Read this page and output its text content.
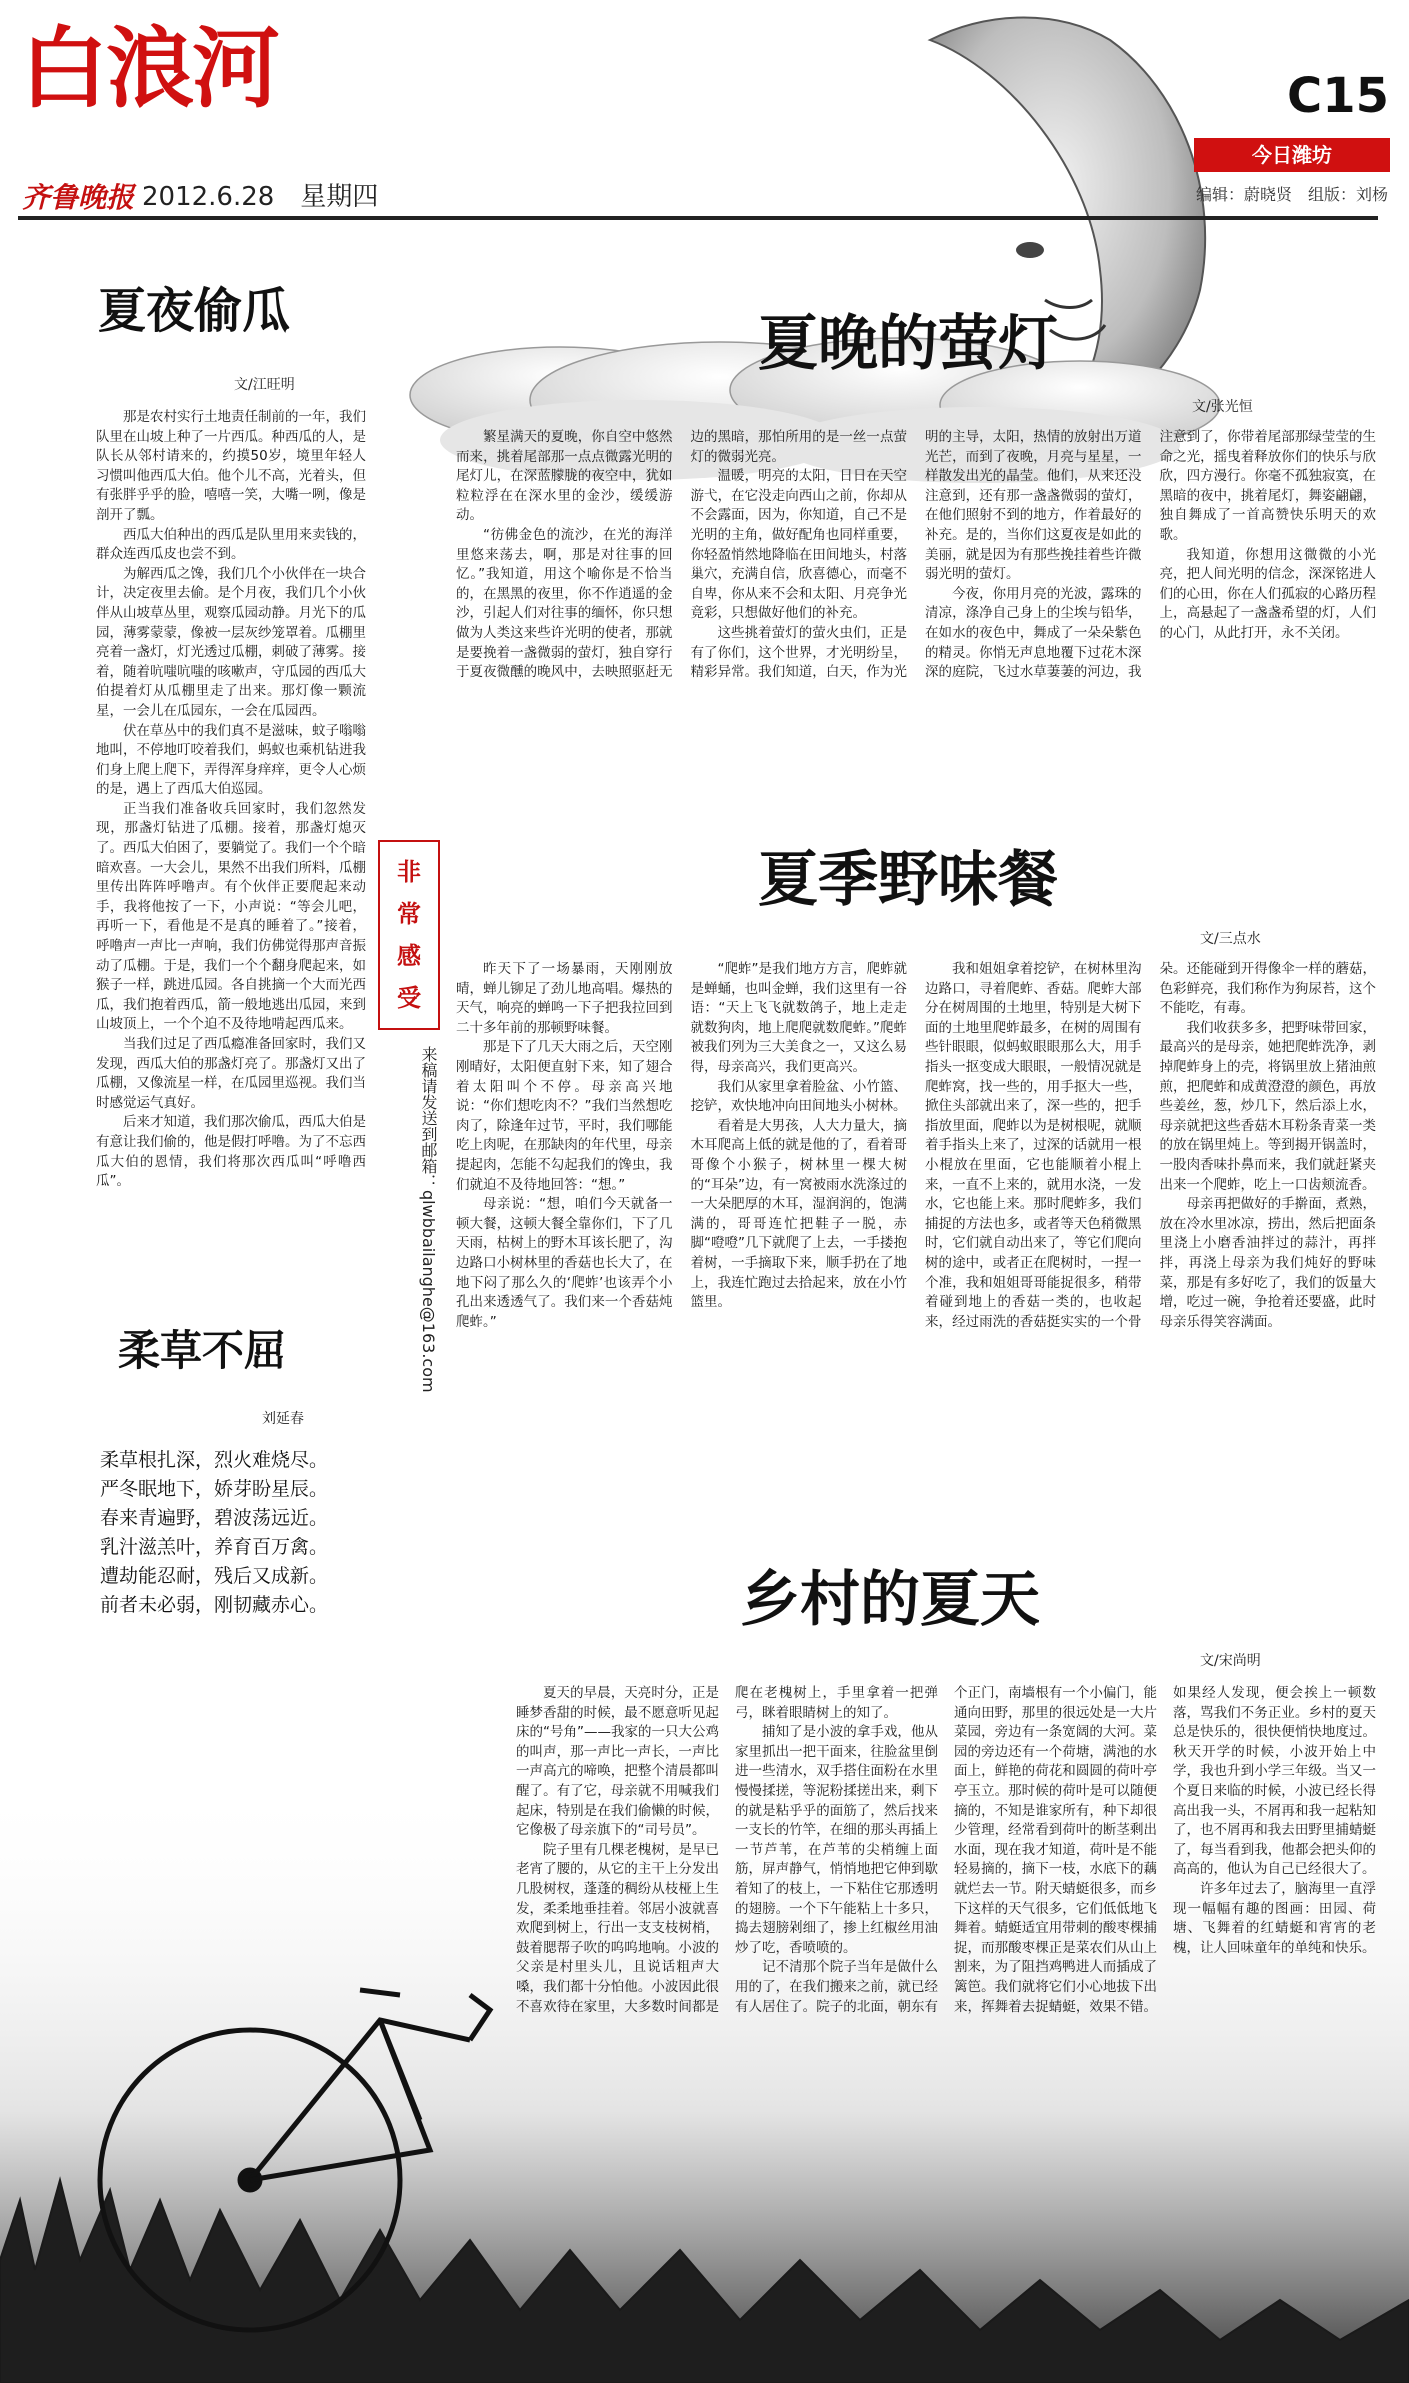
白浪河
齐鲁晚报 2012.6.28　 星期四
C15
今日潍坊
编辑：蔚晓贤　组版：刘杨
夏夜偷瓜
文/江旺明

那是农村实行土地责任制前的一年，我们队里在山坡上种了一片西瓜。种西瓜的人，是队长从邻村请来的，约摸50岁，境里年轻人习惯叫他西瓜大伯。他个儿不高，光着头，但有张胖乎乎的脸，嘻嘻一笑，大嘴一咧，像是剖开了瓢。

西瓜大伯种出的西瓜是队里用来卖钱的，群众连西瓜皮也尝不到。

为解西瓜之馋，我们几个小伙伴在一块合计，决定夜里去偷。是个月夜，我们几个小伙伴从山坡草丛里，观察瓜园动静。月光下的瓜园，薄雾蒙蒙，像被一层灰纱笼罩着。瓜棚里亮着一盏灯，灯光透过瓜棚，刺破了薄雾。接着，随着吭嗤吭嗤的咳嗽声，守瓜园的西瓜大伯提着灯从瓜棚里走了出来。那灯像一颗流星，一会儿在瓜园东，一会在瓜园西。

伏在草丛中的我们真不是滋味，蚊子嗡嗡地叫，不停地叮咬着我们，蚂蚁也乘机钻进我们身上爬上爬下，弄得浑身痒痒，更令人心烦的是，遇上了西瓜大伯巡园。

正当我们准备收兵回家时，我们忽然发现，那盏灯钻进了瓜棚。接着，那盏灯熄灭了。西瓜大伯困了，要躺觉了。我们一个个暗暗欢喜。一大会儿，果然不出我们所料，瓜棚里传出阵阵呼噜声。有个伙伴正要爬起来动手，我将他按了一下，小声说：“等会儿吧，再听一下，看他是不是真的睡着了。”接着，呼噜声一声比一声响，我们仿佛觉得那声音振动了瓜棚。于是，我们一个个翻身爬起来，如猴子一样，跳进瓜园。各自挑摘一个大而光西瓜，我们抱着西瓜，箭一般地逃出瓜园，来到山坡顶上，一个个迫不及待地啃起西瓜来。

当我们过足了西瓜瘾准备回家时，我们又发现，西瓜大伯的那盏灯亮了。那盏灯又出了瓜棚，又像流星一样，在瓜园里巡视。我们当时感觉运气真好。

后来才知道，我们那次偷瓜，西瓜大伯是有意让我们偷的，他是假打呼噜。为了不忘西瓜大伯的恩情，我们将那次西瓜叫“呼噜西瓜”。

柔草不屈
刘延春
柔草根扎深，烈火难烧尽。
严冬眠地下，娇芽盼星辰。
春来青遍野，碧波荡远近。
乳汁滋羔叶，养育百万禽。
遭劫能忍耐，残后又成新。
前者未必弱，刚韧藏赤心。
非
常
感
受
来稿请发送到邮箱：qlwbbailanghe@163.com
夏晚的萤灯
文/张光恒

繁星满天的夏晚，你自空中悠然而来，挑着尾部那一点点微露光明的尾灯儿，在深蓝朦胧的夜空中，犹如粒粒浮在在深水里的金沙，缓缓游动。

“彷佛金色的流沙，在光的海洋里悠来荡去，啊，那是对往事的回忆。”我知道，用这个喻你是不恰当的，在黑黑的夜里，你不作逍遥的金沙，引起人们对往事的缅怀，你只想做为人类这来些许光明的使者，那就是要挽着一盏微弱的萤灯，独自穿行于夏夜微醺的晚风中，去映照驱赶无边的黑暗，那怕所用的是一丝一点萤灯的微弱光亮。

温暖，明亮的太阳，日日在天空游弋，在它没走向西山之前，你却从不会露面，因为，你知道，自己不是光明的主角，做好配角也同样重要，你轻盈悄然地降临在田间地头，村落巢穴，充满自信，欣喜德心，而毫不自卑，你从来不会和太阳、月亮争光竟彩，只想做好他们的补充。

这些挑着萤灯的萤火虫们，正是有了你们，这个世界，才光明纷呈，精彩异常。我们知道，白天，作为光明的主导，太阳，热情的放射出万道光芒，而到了夜晚，月亮与星星，一样散发出光的晶莹。他们，从来还没注意到，还有那一盏盏微弱的萤灯，在他们照射不到的地方，作着最好的补充。是的，当你们这夏夜是如此的美丽，就是因为有那些挽挂着些许微弱光明的萤灯。

今夜，你用月亮的光波，露珠的清凉，涤净自己身上的尘埃与铅华，在如水的夜色中，舞成了一朵朵紫色的精灵。你悄无声息地覆下过花木深深的庭院，飞过水草萋萋的河边，我注意到了，你带着尾部那绿莹莹的生命之光，摇曳着释放你们的快乐与欣欣，四方漫行。你毫不孤独寂寞，在黑暗的夜中，挑着尾灯，舞姿翩翩，独自舞成了一首高赞快乐明天的欢歌。

我知道，你想用这微微的小光亮，把人间光明的信念，深深铭进人们的心田，你在人们孤寂的心路历程上，高悬起了一盏盏希望的灯，人们的心门，从此打开，永不关闭。

夏季野味餐
文/三点水

昨天下了一场暴雨，天刚刚放晴，蝉儿铆足了劲儿地高唱。爆热的天气，响亮的蝉鸣一下子把我拉回到二十多年前的那顿野味餐。

那是下了几天大雨之后，天空刚刚晴好，太阳便直射下来，知了翅合着太阳叫个不停。母亲高兴地说：“你们想吃肉不？”我们当然想吃肉了，除逢年过节，平时，我们哪能吃上肉呢，在那缺肉的年代里，母亲提起肉，怎能不勾起我们的馋虫，我们就迫不及待地回答：“想。”

母亲说：“想，咱们今天就备一顿大餐，这顿大餐全靠你们，下了几天雨，枯树上的野木耳该长肥了，沟边路口小树林里的香菇也长大了，在地下闷了那么久的‘爬蚱’也该弄个小孔出来透透气了。我们来一个香菇炖爬蚱。”

“爬蚱”是我们地方方言，爬蚱就是蝉蛹，也叫金蝉，我们这里有一谷语：“天上飞飞就数鸽子，地上走走就数狗肉，地上爬爬就数爬蚱。”爬蚱被我们列为三大美食之一，又这么易得，母亲高兴，我们更高兴。

我们从家里拿着脸盆、小竹篮、挖铲，欢快地冲向田间地头小树林。

看着是大男孩，人大力量大，摘木耳爬高上低的就是他的了，看着哥哥像个小猴子，树林里一棵大树的“耳朵”边，有一窝被雨水洗涤过的一大朵肥厚的木耳，湿润润的，饱满满的，哥哥连忙把鞋子一脱，赤脚“噔噔”几下就爬了上去，一手搂抱着树，一手摘取下来，顺手扔在了地上，我连忙跑过去拾起来，放在小竹篮里。

我和姐姐拿着挖铲，在树林里沟边路口，寻着爬蚱、香菇。爬蚱大部分在树周围的土地里，特别是大树下面的土地里爬蚱最多，在树的周围有些针眼眼，似蚂蚁眼眼那么大，用手指头一抠变成大眼眼，一般情况就是爬蚱窝，找一些的，用手抠大一些，掀住头部就出来了，深一些的，把手指放里面，爬蚱以为是树根呢，就顺着手指头上来了，过深的话就用一根小棍放在里面，它也能顺着小棍上来，一直不上来的，就用水浇，一发水，它也能上来。那时爬蚱多，我们捕捉的方法也多，或者等天色稍微黑时，它们就自动出来了，等它们爬向树的途中，或者正在爬树时，一捏一个准，我和姐姐哥哥能捉很多，稍带着碰到地上的香菇一类的，也收起来，经过雨洗的香菇挺实实的一个骨朵。还能碰到开得像伞一样的蘑菇，色彩鲜亮，我们称作为狗尿苔，这个不能吃，有毒。

我们收获多多，把野味带回家，最高兴的是母亲，她把爬蚱洗净，剥掉爬蚱身上的壳，将锅里放上猪油煎煎，把爬蚱和成黄澄澄的颜色，再放些姜丝，葱，炒几下，然后添上水，母亲就把这些香菇木耳粉条青菜一类的放在锅里炖上。等到揭开锅盖时，一股肉香味扑鼻而来，我们就赶紧夹出来一个爬蚱，吃上一口齿颊流香。

母亲再把做好的手擀面，煮熟，放在冷水里冰凉，捞出，然后把面条里浇上小磨香油拌过的蒜汁，再拌拌，再浇上母亲为我们炖好的野味菜，那是有多好吃了，我们的饭量大增，吃过一碗，争抢着还要盛，此时母亲乐得笑容满面。

乡村的夏天
文/宋尚明

夏天的早晨，天亮时分，正是睡梦香甜的时候，最不愿意听见起床的“号角”——我家的一只大公鸡的叫声，那一声比一声长，一声比一声高亢的啼唤，把整个清晨都叫醒了。有了它，母亲就不用喊我们起床，特别是在我们偷懒的时候，它像极了母亲旗下的“司号员”。

院子里有几棵老槐树，是早已老宵了腰的，从它的主干上分发出几股树杈，蓬蓬的稠纷从枝桠上生发，柔柔地垂挂着。邻居小波就喜欢爬到树上，行出一支支枝树梢，鼓着腮帮子吹的呜呜地响。小波的父亲是村里头儿，且说话粗声大嗓，我们都十分怕他。小波因此很不喜欢待在家里，大多数时间都是爬在老槐树上，手里拿着一把弹弓，眯着眼睛树上的知了。

捕知了是小波的拿手戏，他从家里抓出一把干面来，往脸盆里倒进一些清水，双手搭住面粉在水里慢慢揉搓，等泥粉揉搓出来，剩下的就是粘乎乎的面筋了，然后找来一支长的竹竿，在细的那头再插上一节芦苇，在芦苇的尖梢缠上面筋，屏声静气，悄悄地把它伸到歇着知了的枝上，一下粘住它那透明的翅膀。一个下午能粘上十多只，捣去翅膀剁细了，掺上红椒丝用油炒了吃，香喷喷的。

记不清那个院子当年是做什么用的了，在我们搬来之前，就已经有人居住了。院子的北面，朝东有个正门，南墙根有一个小偏门，能通向田野，那里的很远处是一大片菜园，旁边有一条宽阔的大河。菜园的旁边还有一个荷塘，满池的水面上，鲜艳的荷花和圆圆的荷叶亭亭玉立。那时候的荷叶是可以随便摘的，不知是谁家所有，种下却很少管理，经常看到荷叶的断茎剩出水面，现在我才知道，荷叶是不能轻易摘的，摘下一枝，水底下的藕就烂去一节。附天蜻蜓很多，而乡下这样的天气很多，它们低低地飞舞着。蜻蜓适宜用带刺的酸枣棵捕捉，而那酸枣棵正是菜农们从山上割来，为了阻挡鸡鸭进人而插成了篱笆。我们就将它们小心地拔下出来，挥舞着去捉蜻蜓，效果不错。如果经人发现，便会挨上一顿数落，骂我们不务正业。乡村的夏天总是快乐的，很快便悄快地度过。秋天开学的时候，小波开始上中学，我也升到小学三年级。当又一个夏日来临的时候，小波已经长得高出我一头，不屑再和我一起粘知了，也不屑再和我去田野里捕蜻蜓了，每当看到我，他都会把头仰的高高的，他认为自己已经很大了。

许多年过去了，脑海里一直浮现一幅幅有趣的图画：田园、荷塘、飞舞着的红蜻蜓和宵宵的老槐，让人回味童年的单纯和快乐。
